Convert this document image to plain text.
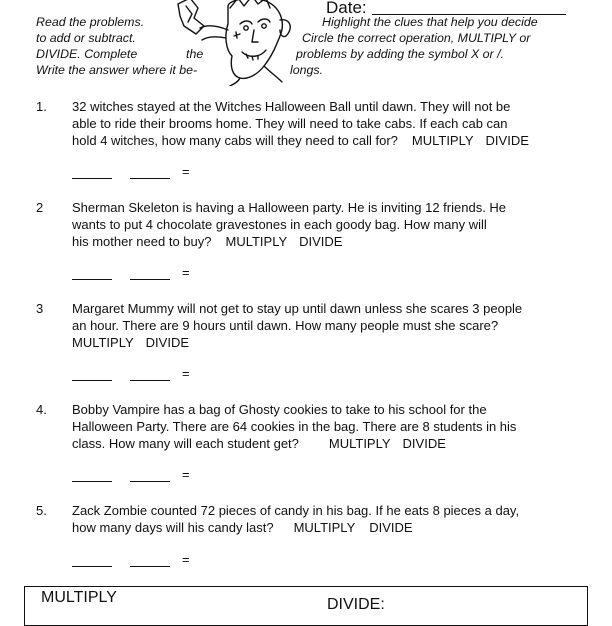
Read the problems.
to add or subtract.
DIVIDE. Complete	the
Write the answer where it be-
Highlight the clues that help you decide
Circle the correct operation, MULTIPLY or
problems by adding the symbol X or /.
longs.
Date:
1. 32 witches stayed at the Witches Halloween Ball until dawn. They will not be
able to ride their brooms home. They will need to take cabs. If each cab can
hold 4 witches, how many cabs will they need to call for? MULTIPLY DIVIDE
=
2 Sherman Skeleton is having a Halloween party. He is inviting 12 friends. He
wants to put 4 chocolate gravestones in each goody bag. How many will
his mother need to buy? MULTIPLY DIVIDE
=
3 Margaret Mummy will not get to stay up until dawn unless she scares 3 people
an hour. There are 9 hours until dawn. How many people must she scare?
MULTIPLY DIVIDE
=
4. Bobby Vampire has a bag of Ghosty cookies to take to his school for the
Halloween Party. There are 64 cookies in the bag. There are 8 students in his
class. How many will each student get? MULTIPLY DIVIDE
=
5. Zack Zombie counted 72 pieces of candy in his bag. If he eats 8 pieces a day,
how many days will his candy last? MULTIPLY DIVIDE
=
MULTIPLY	DIVIDE:
